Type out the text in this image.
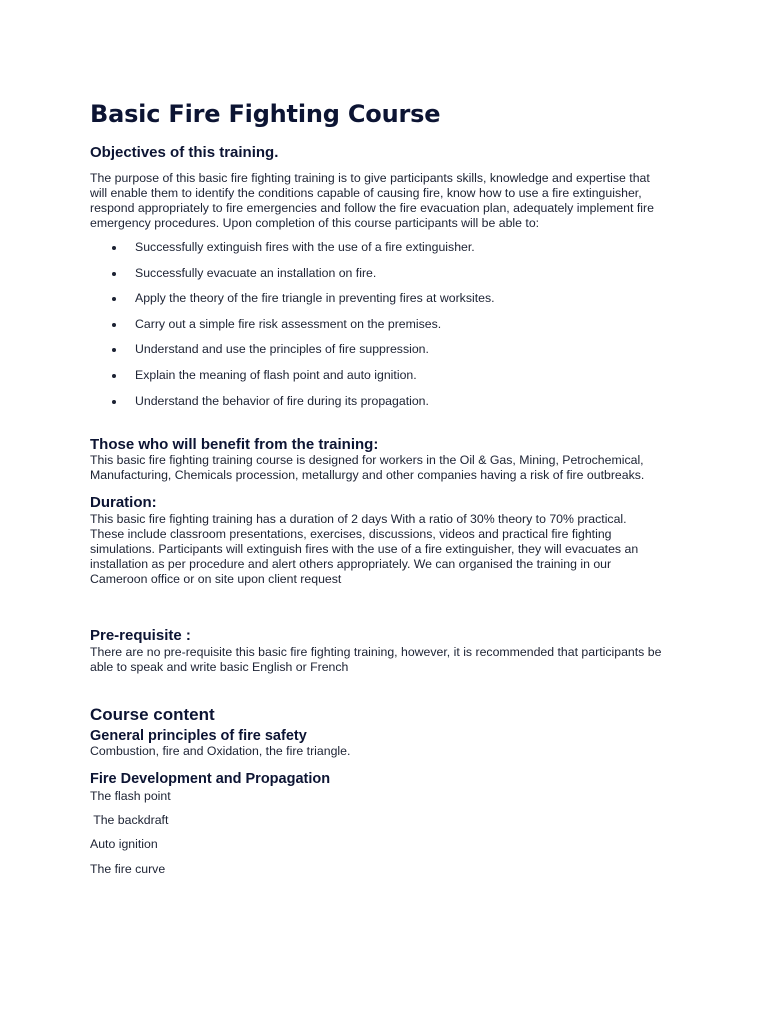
Basic Fire Fighting Course
Objectives of this training.

The purpose of this basic fire fighting training is to give participants skills, knowledge and expertise that
will enable them to identify the conditions capable of causing fire, know how to use a fire extinguisher,
respond appropriately to fire emergencies and follow the fire evacuation plan, adequately implement fire
emergency procedures. Upon completion of this course participants will be able to:

Successfully extinguish fires with the use of a fire extinguisher.
Successfully evacuate an installation on fire.
Apply the theory of the fire triangle in preventing fires at worksites.
Carry out a simple fire risk assessment on the premises.
Understand and use the principles of fire suppression.
Explain the meaning of flash point and auto ignition.
Understand the behavior of fire during its propagation.
Those who will benefit from the training:

This basic fire fighting training course is designed for workers in the Oil & Gas, Mining, Petrochemical,
Manufacturing, Chemicals procession, metallurgy and other companies having a risk of fire outbreaks.

Duration:

This basic fire fighting training has a duration of 2 days With a ratio of 30% theory to 70% practical.
These include classroom presentations, exercises, discussions, videos and practical fire fighting
simulations. Participants will extinguish fires with the use of a fire extinguisher, they will evacuates an
installation as per procedure and alert others appropriately. We can organised the training in our
Cameroon office or on site upon client request

Pre-requisite :

There are no pre-requisite this basic fire fighting training, however, it is recommended that participants be
able to speak and write basic English or French

Course content
General principles of fire safety

Combustion, fire and Oxidation, the fire triangle.

Fire Development and Propagation

The flash point

The backdraft

Auto ignition

The fire curve
